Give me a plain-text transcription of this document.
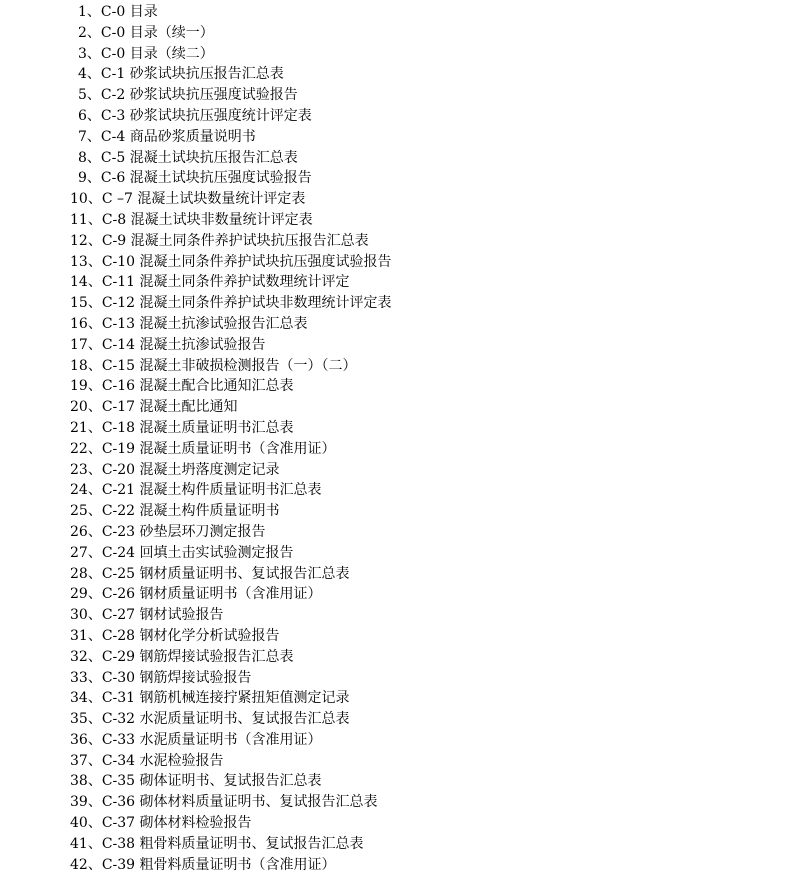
1、C-0 目录
2、C-0 目录（续一）
3、C-0 目录（续二）
4、C-1 砂浆试块抗压报告汇总表
5、C-2 砂浆试块抗压强度试验报告
6、C-3 砂浆试块抗压强度统计评定表
7、C-4 商品砂浆质量说明书
8、C-5 混凝土试块抗压报告汇总表
9、C-6 混凝土试块抗压强度试验报告
10、C –7 混凝土试块数量统计评定表
11、C-8 混凝土试块非数量统计评定表
12、C-9 混凝土同条件养护试块抗压报告汇总表
13、C-10 混凝土同条件养护试块抗压强度试验报告
14、C-11 混凝土同条件养护试数理统计评定
15、C-12 混凝土同条件养护试块非数理统计评定表
16、C-13 混凝土抗渗试验报告汇总表
17、C-14 混凝土抗渗试验报告
18、C-15 混凝土非破损检测报告（一）（二）
19、C-16 混凝土配合比通知汇总表
20、C-17 混凝土配比通知
21、C-18 混凝土质量证明书汇总表
22、C-19 混凝土质量证明书（含准用证）
23、C-20 混凝土坍落度测定记录
24、C-21 混凝土构件质量证明书汇总表
25、C-22 混凝土构件质量证明书
26、C-23 砂垫层环刀测定报告
27、C-24 回填土击实试验测定报告
28、C-25 钢材质量证明书、复试报告汇总表
29、C-26 钢材质量证明书（含准用证）
30、C-27 钢材试验报告
31、C-28 钢材化学分析试验报告
32、C-29 钢筋焊接试验报告汇总表
33、C-30 钢筋焊接试验报告
34、C-31 钢筋机械连接拧紧扭矩值测定记录
35、C-32 水泥质量证明书、复试报告汇总表
36、C-33 水泥质量证明书（含准用证）
37、C-34 水泥检验报告
38、C-35 砌体证明书、复试报告汇总表
39、C-36 砌体材料质量证明书、复试报告汇总表
40、C-37 砌体材料检验报告
41、C-38 粗骨料质量证明书、复试报告汇总表
42、C-39 粗骨料质量证明书（含准用证）
